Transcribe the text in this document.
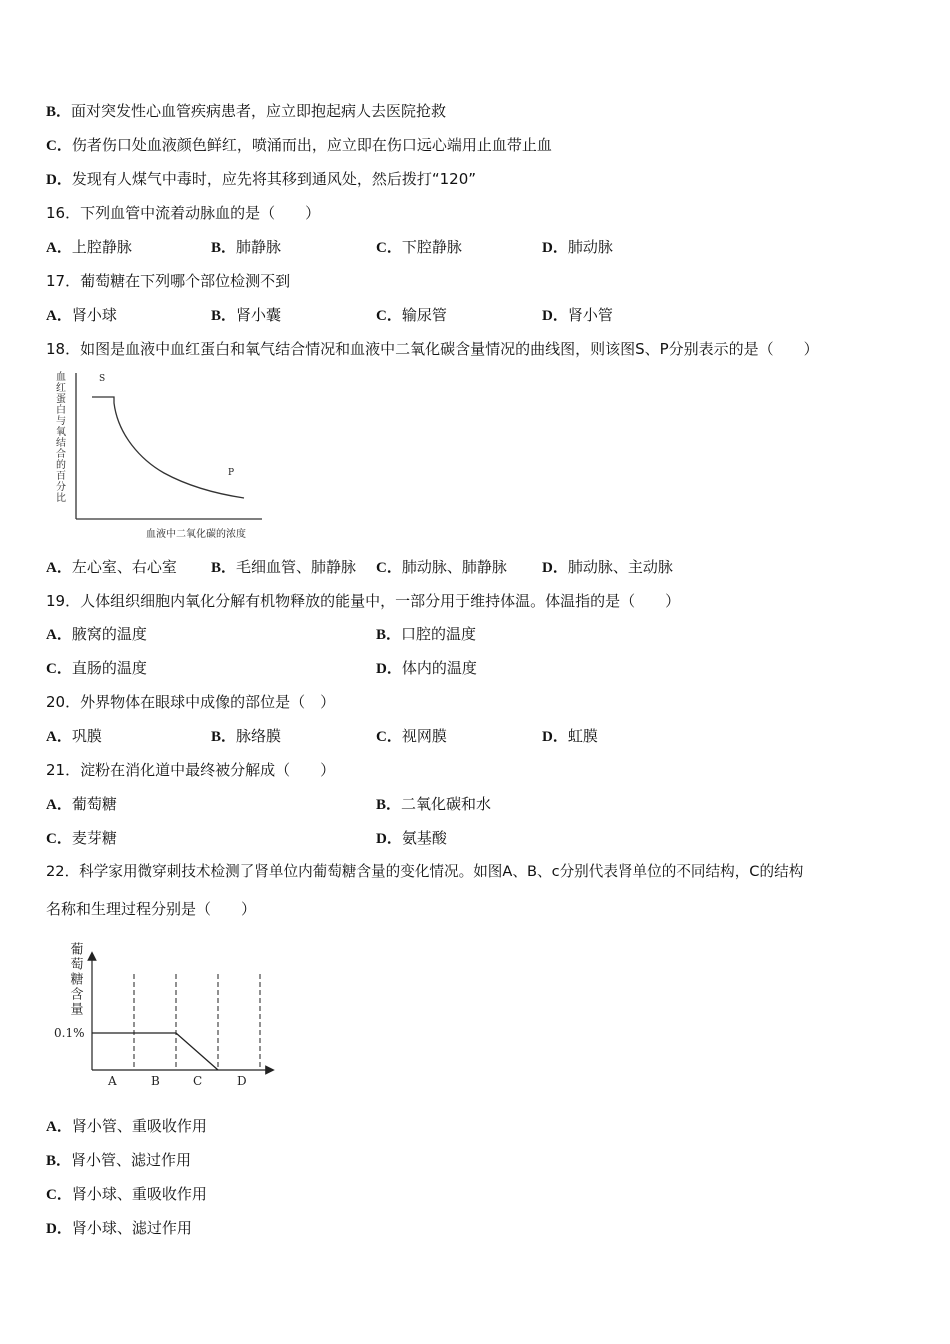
B．面对突发性心血管疾病患者，应立即抱起病人去医院抢救
C．伤者伤口处血液颜色鲜红，喷涌而出，应立即在伤口远心端用止血带止血
D．发现有人煤气中毒时，应先将其移到通风处，然后拨打“120”
16．下列血管中流着动脉血的是（　　）
A．上腔静脉	B．肺静脉	C．下腔静脉	D．肺动脉
17．葡萄糖在下列哪个部位检测不到
A．肾小球	B．肾小囊	C．输尿管	D．肾小管
18．如图是血液中血红蛋白和氧气结合情况和血液中二氧化碳含量情况的曲线图，则该图S、P分别表示的是（　　）
血红蛋白与氧结合的百分比	S
P
血液中二氧化碳的浓度
A．左心室、右心室 B．毛细血管、肺静脉 C．肺动脉、肺静脉 D．肺动脉、主动脉
19．人体组织细胞内氧化分解有机物释放的能量中，一部分用于维持体温。体温指的是（　　）
A．腋窝的温度	B．口腔的温度
C．直肠的温度	D．体内的温度
20．外界物体在眼球中成像的部位是（　）
A．巩膜	B．脉络膜	C．视网膜	D．虹膜
21．淀粉在消化道中最终被分解成（　　）
A．葡萄糖	B．二氧化碳和水
C．麦芽糖	D．氨基酸
22．科学家用微穿刺技术检测了肾单位内葡萄糖含量的变化情况。如图A、B、c分别代表肾单位的不同结构，C的结构
名称和生理过程分别是（　　）
葡萄糖含量
0.1%
A	B	C	D
A．肾小管、重吸收作用
B．肾小管、滤过作用
C．肾小球、重吸收作用
D．肾小球、滤过作用
